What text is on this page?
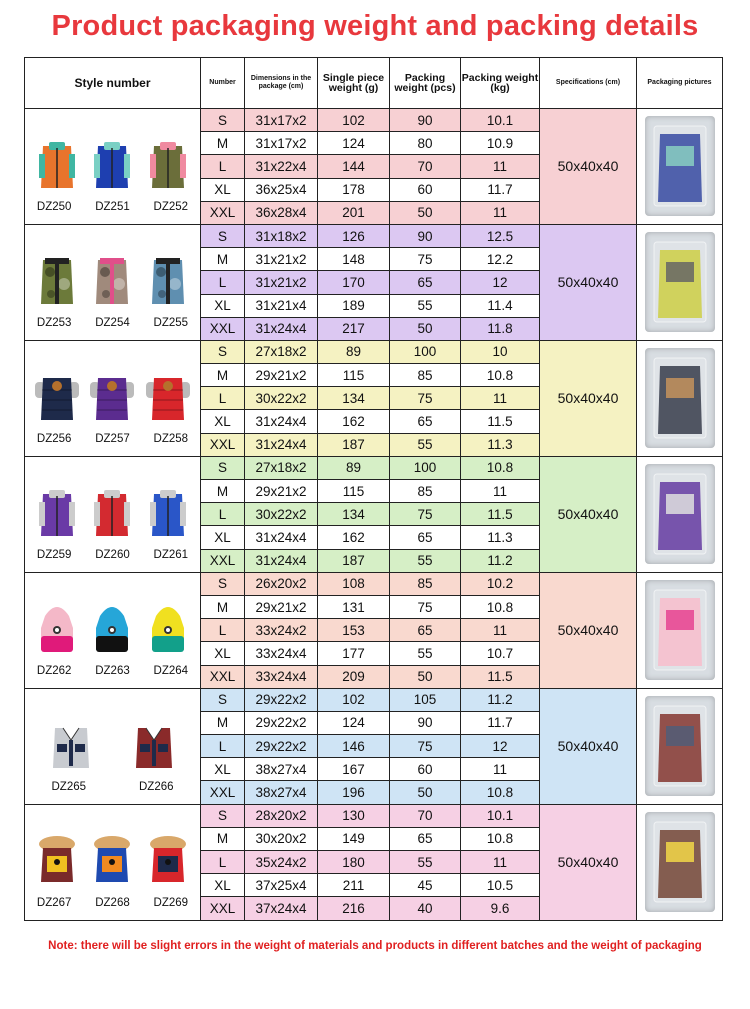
Product packaging weight and packing details
Style number	Number	Dimensions in the package (cm)	Single piece weight (g)	Packing weight (pcs)	Packing weight (kg)	Specifications (cm)	Packaging pictures

DZ250 DZ251 DZ252	S	31x17x2	102	90	10.1	50x40x40	

	M	31x17x2	124	80	10.9		
	L	31x22x4	144	70	11		
	XL	36x25x4	178	60	11.7		
	XXL	36x28x4	201	50	11		

DZ253 DZ254 DZ255	S	31x18x2	126	90	12.5	50x40x40	

	M	31x21x2	148	75	12.2		
	L	31x21x2	170	65	12		
	XL	31x21x4	189	55	11.4		
	XXL	31x24x4	217	50	11.8		

DZ256 DZ257 DZ258	S	27x18x2	89	100	10	50x40x40	

	M	29x21x2	115	85	10.8		
	L	30x22x2	134	75	11		
	XL	31x24x4	162	65	11.5		
	XXL	31x24x4	187	55	11.3		

DZ259 DZ260 DZ261	S	27x18x2	89	100	10.8	50x40x40	

	M	29x21x2	115	85	11		
	L	30x22x2	134	75	11.5		
	XL	31x24x4	162	65	11.3		
	XXL	31x24x4	187	55	11.2		

DZ262 DZ263 DZ264	S	26x20x2	108	85	10.2	50x40x40	

	M	29x21x2	131	75	10.8		
	L	33x24x2	153	65	11		
	XL	33x24x4	177	55	10.7		
	XXL	33x24x4	209	50	11.5		

DZ265 DZ266	S	29x22x2	102	105	11.2	50x40x40	

	M	29x22x2	124	90	11.7		
	L	29x22x2	146	75	12		
	XL	38x27x4	167	60	11		
	XXL	38x27x4	196	50	10.8		

DZ267 DZ268 DZ269	S	28x20x2	130	70	10.1	50x40x40	

	M	30x20x2	149	65	10.8		
	L	35x24x2	180	55	11		
	XL	37x25x4	211	45	10.5		
	XXL	37x24x4	216	40	9.6		
Note: there will be slight errors in the weight of materials and products in different batches and the weight of packaging
